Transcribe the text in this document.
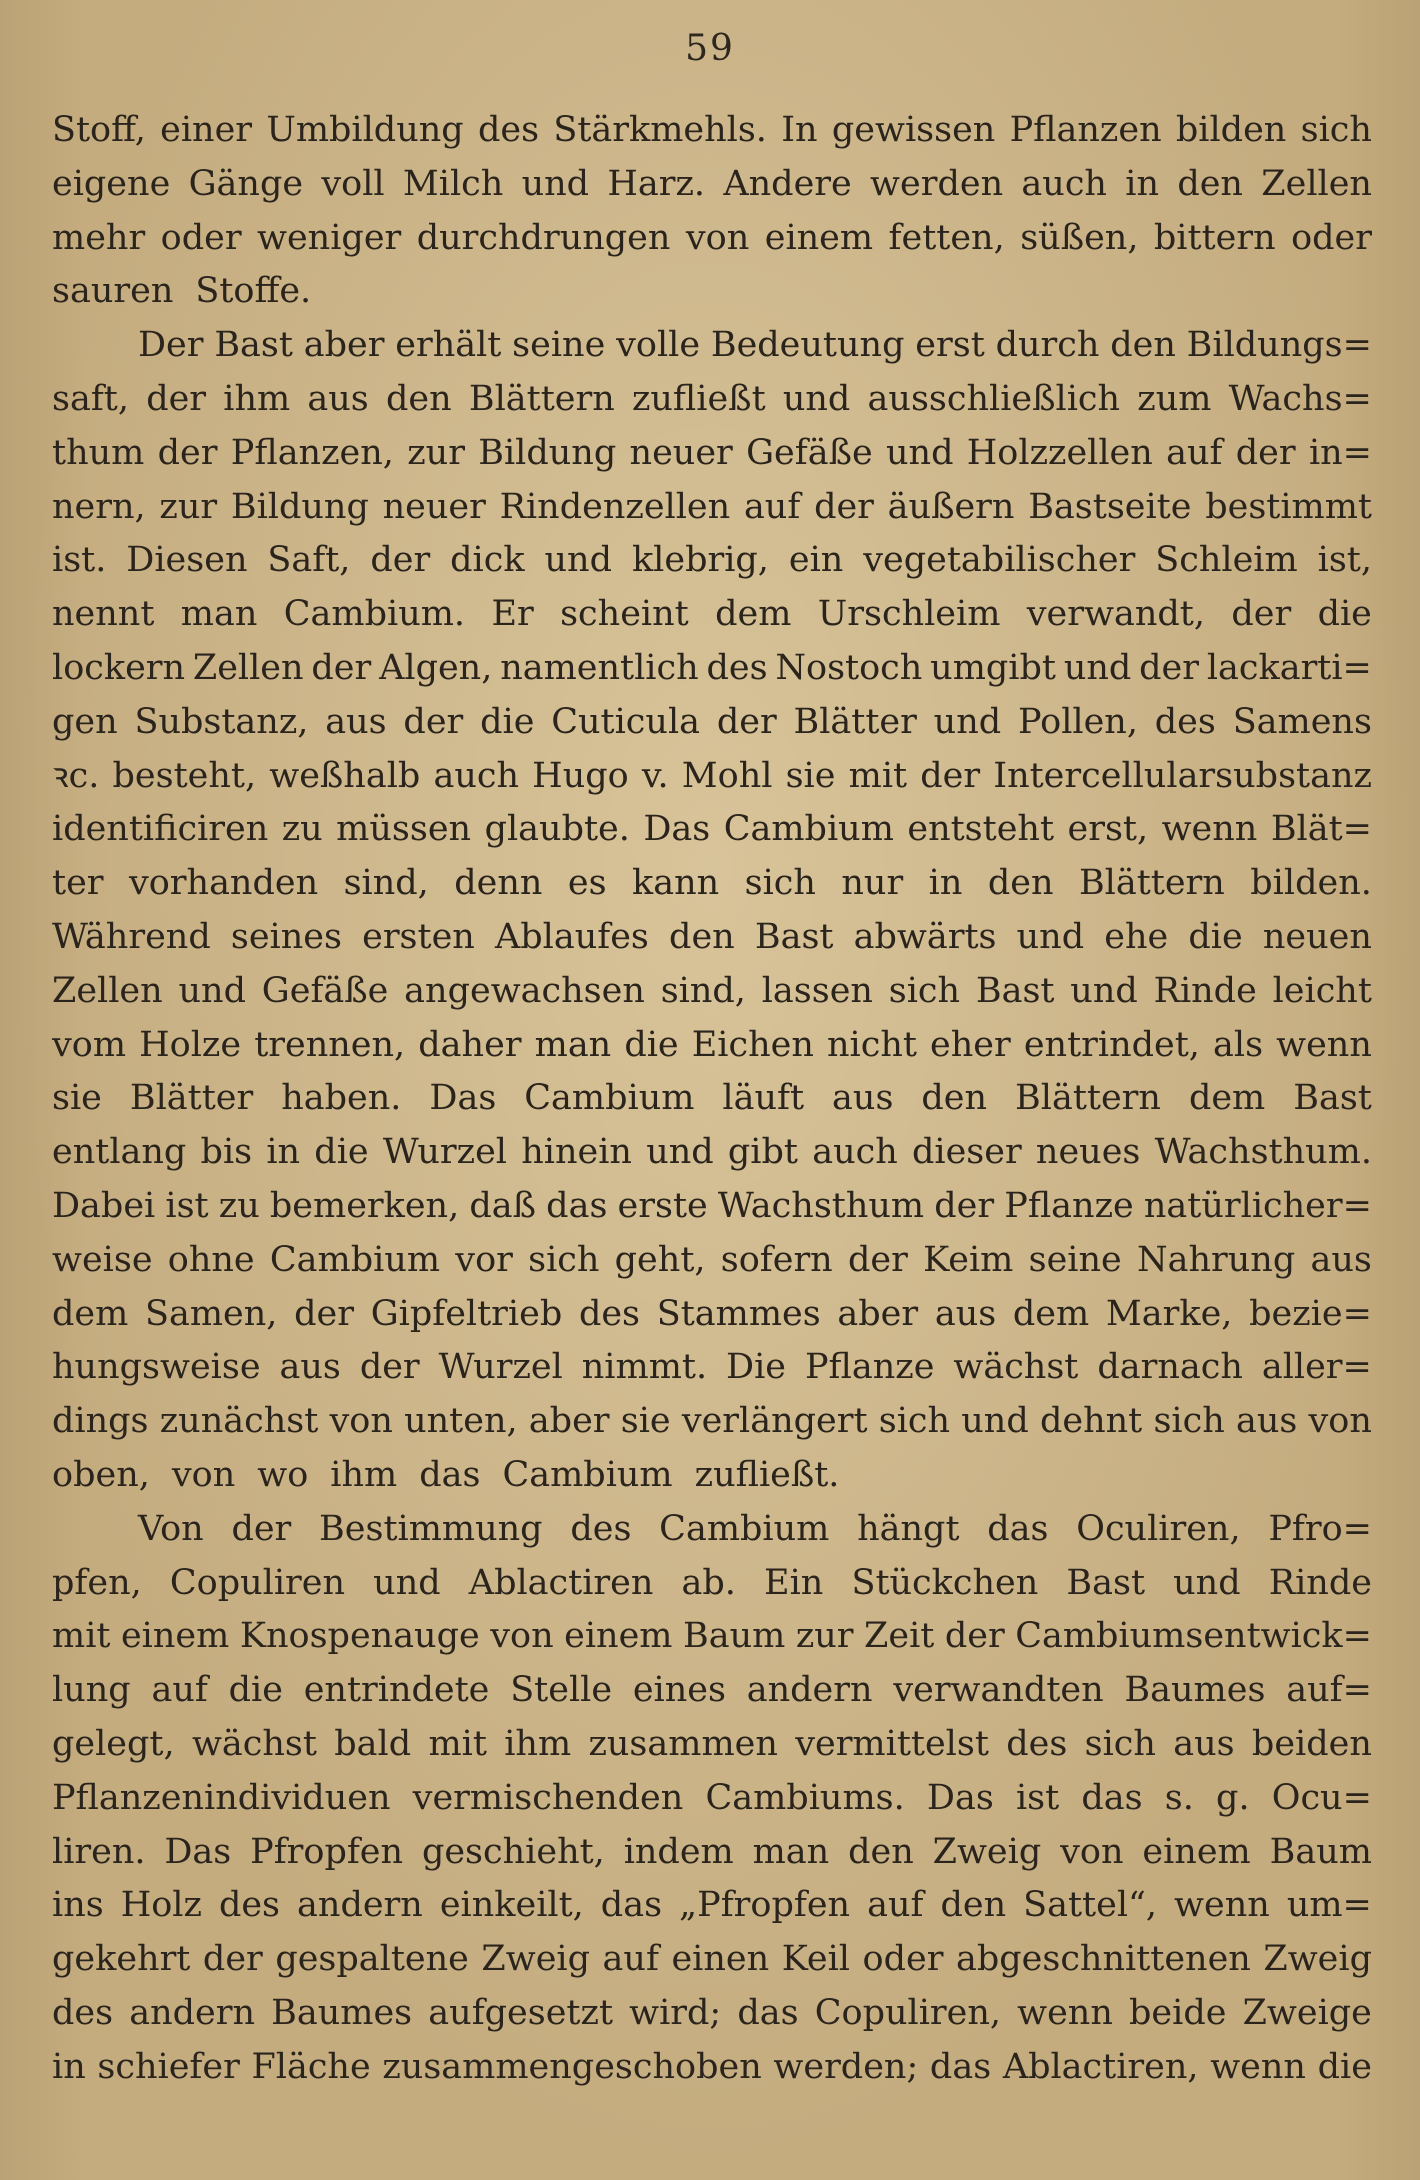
59
Stoff, einer Umbildung des Stärkmehls. In gewissen Pflanzen bilden sich
eigene Gänge voll Milch und Harz. Andere werden auch in den Zellen
mehr oder weniger durchdrungen von einem fetten, süßen, bittern oder
sauren Stoffe.
Der Bast aber erhält seine volle Bedeutung erst durch den Bildungs=
saft, der ihm aus den Blättern zufließt und ausschließlich zum Wachs=
thum der Pflanzen, zur Bildung neuer Gefäße und Holzzellen auf der in=
nern, zur Bildung neuer Rindenzellen auf der äußern Bastseite bestimmt
ist. Diesen Saft, der dick und klebrig, ein vegetabilischer Schleim ist,
nennt man Cambium. Er scheint dem Urschleim verwandt, der die
lockern Zellen der Algen, namentlich des Nostoch umgibt und der lackarti=
gen Substanz, aus der die Cuticula der Blätter und Pollen, des Samens
ꝛc. besteht, weßhalb auch Hugo v. Mohl sie mit der Intercellularsubstanz
identificiren zu müssen glaubte. Das Cambium entsteht erst, wenn Blät=
ter vorhanden sind, denn es kann sich nur in den Blättern bilden.
Während seines ersten Ablaufes den Bast abwärts und ehe die neuen
Zellen und Gefäße angewachsen sind, lassen sich Bast und Rinde leicht
vom Holze trennen, daher man die Eichen nicht eher entrindet, als wenn
sie Blätter haben. Das Cambium läuft aus den Blättern dem Bast
entlang bis in die Wurzel hinein und gibt auch dieser neues Wachsthum.
Dabei ist zu bemerken, daß das erste Wachsthum der Pflanze natürlicher=
weise ohne Cambium vor sich geht, sofern der Keim seine Nahrung aus
dem Samen, der Gipfeltrieb des Stammes aber aus dem Marke, bezie=
hungsweise aus der Wurzel nimmt. Die Pflanze wächst darnach aller=
dings zunächst von unten, aber sie verlängert sich und dehnt sich aus von
oben, von wo ihm das Cambium zufließt.
Von der Bestimmung des Cambium hängt das Oculiren, Pfro=
pfen, Copuliren und Ablactiren ab. Ein Stückchen Bast und Rinde
mit einem Knospenauge von einem Baum zur Zeit der Cambiumsentwick=
lung auf die entrindete Stelle eines andern verwandten Baumes auf=
gelegt, wächst bald mit ihm zusammen vermittelst des sich aus beiden
Pflanzenindividuen vermischenden Cambiums. Das ist das s. g. Ocu=
liren. Das Pfropfen geschieht, indem man den Zweig von einem Baum
ins Holz des andern einkeilt, das „Pfropfen auf den Sattel“, wenn um=
gekehrt der gespaltene Zweig auf einen Keil oder abgeschnittenen Zweig
des andern Baumes aufgesetzt wird; das Copuliren, wenn beide Zweige
in schiefer Fläche zusammengeschoben werden; das Ablactiren, wenn die
